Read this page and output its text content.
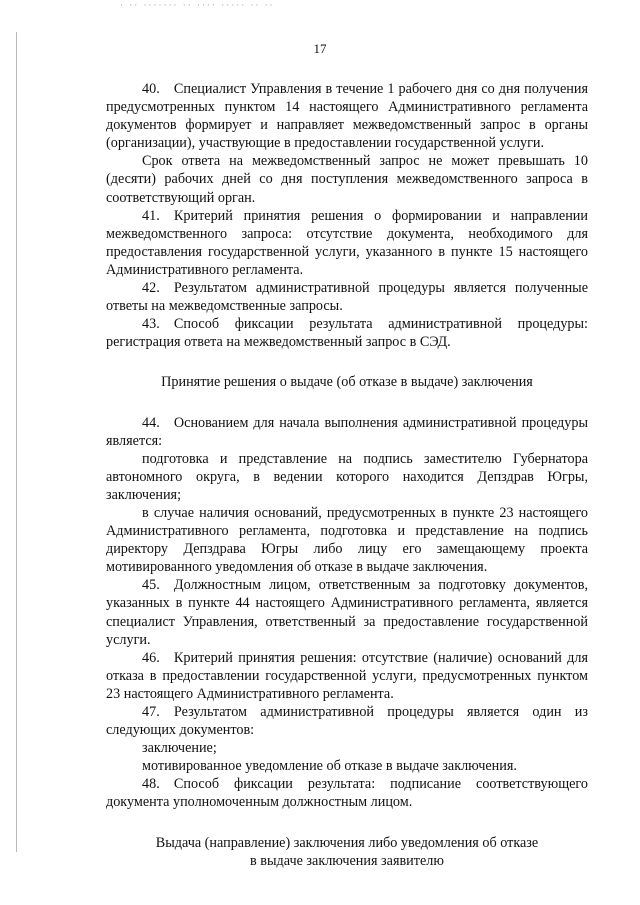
· ·· ······· ·· ···· ····· ·· ··
17

40. Специалист Управления в течение 1 рабочего дня со дня получения предусмотренных пунктом 14 настоящего Административного регламента документов формирует и направляет межведомственный запрос в органы (организации), участвующие в предоставлении государственной услуги.

Срок ответа на межведомственный запрос не может превышать 10 (десяти) рабочих дней со дня поступления межведомственного запроса в соответствующий орган.

41. Критерий принятия решения о формировании и направлении межведомственного запроса: отсутствие документа, необходимого для предоставления государственной услуги, указанного в пункте 15 настоящего Административного регламента.

42. Результатом административной процедуры является полученные ответы на межведомственные запросы.

43. Способ фиксации результата административной процедуры: регистрация ответа на межведомственный запрос в СЭД.

Принятие решения о выдаче (об отказе в выдаче) заключения

44. Основанием для начала выполнения административной процедуры является:

подготовка и представление на подпись заместителю Губернатора автономного округа, в ведении которого находится Депздрав Югры, заключения;

в случае наличия оснований, предусмотренных в пункте 23 настоящего Административного регламента, подготовка и представление на подпись директору Депздрава Югры либо лицу его замещающему проекта мотивированного уведомления об отказе в выдаче заключения.

45. Должностным лицом, ответственным за подготовку документов, указанных в пункте 44 настоящего Административного регламента, является специалист Управления, ответственный за предоставление государственной услуги.

46. Критерий принятия решения: отсутствие (наличие) оснований для отказа в предоставлении государственной услуги, предусмотренных пунктом 23 настоящего Административного регламента.

47. Результатом административной процедуры является один из следующих документов:

заключение;

мотивированное уведомление об отказе в выдаче заключения.

48. Способ фиксации результата: подписание соответствующего документа уполномоченным должностным лицом.

Выдача (направление) заключения либо уведомления об отказе

в выдаче заключения заявителю
